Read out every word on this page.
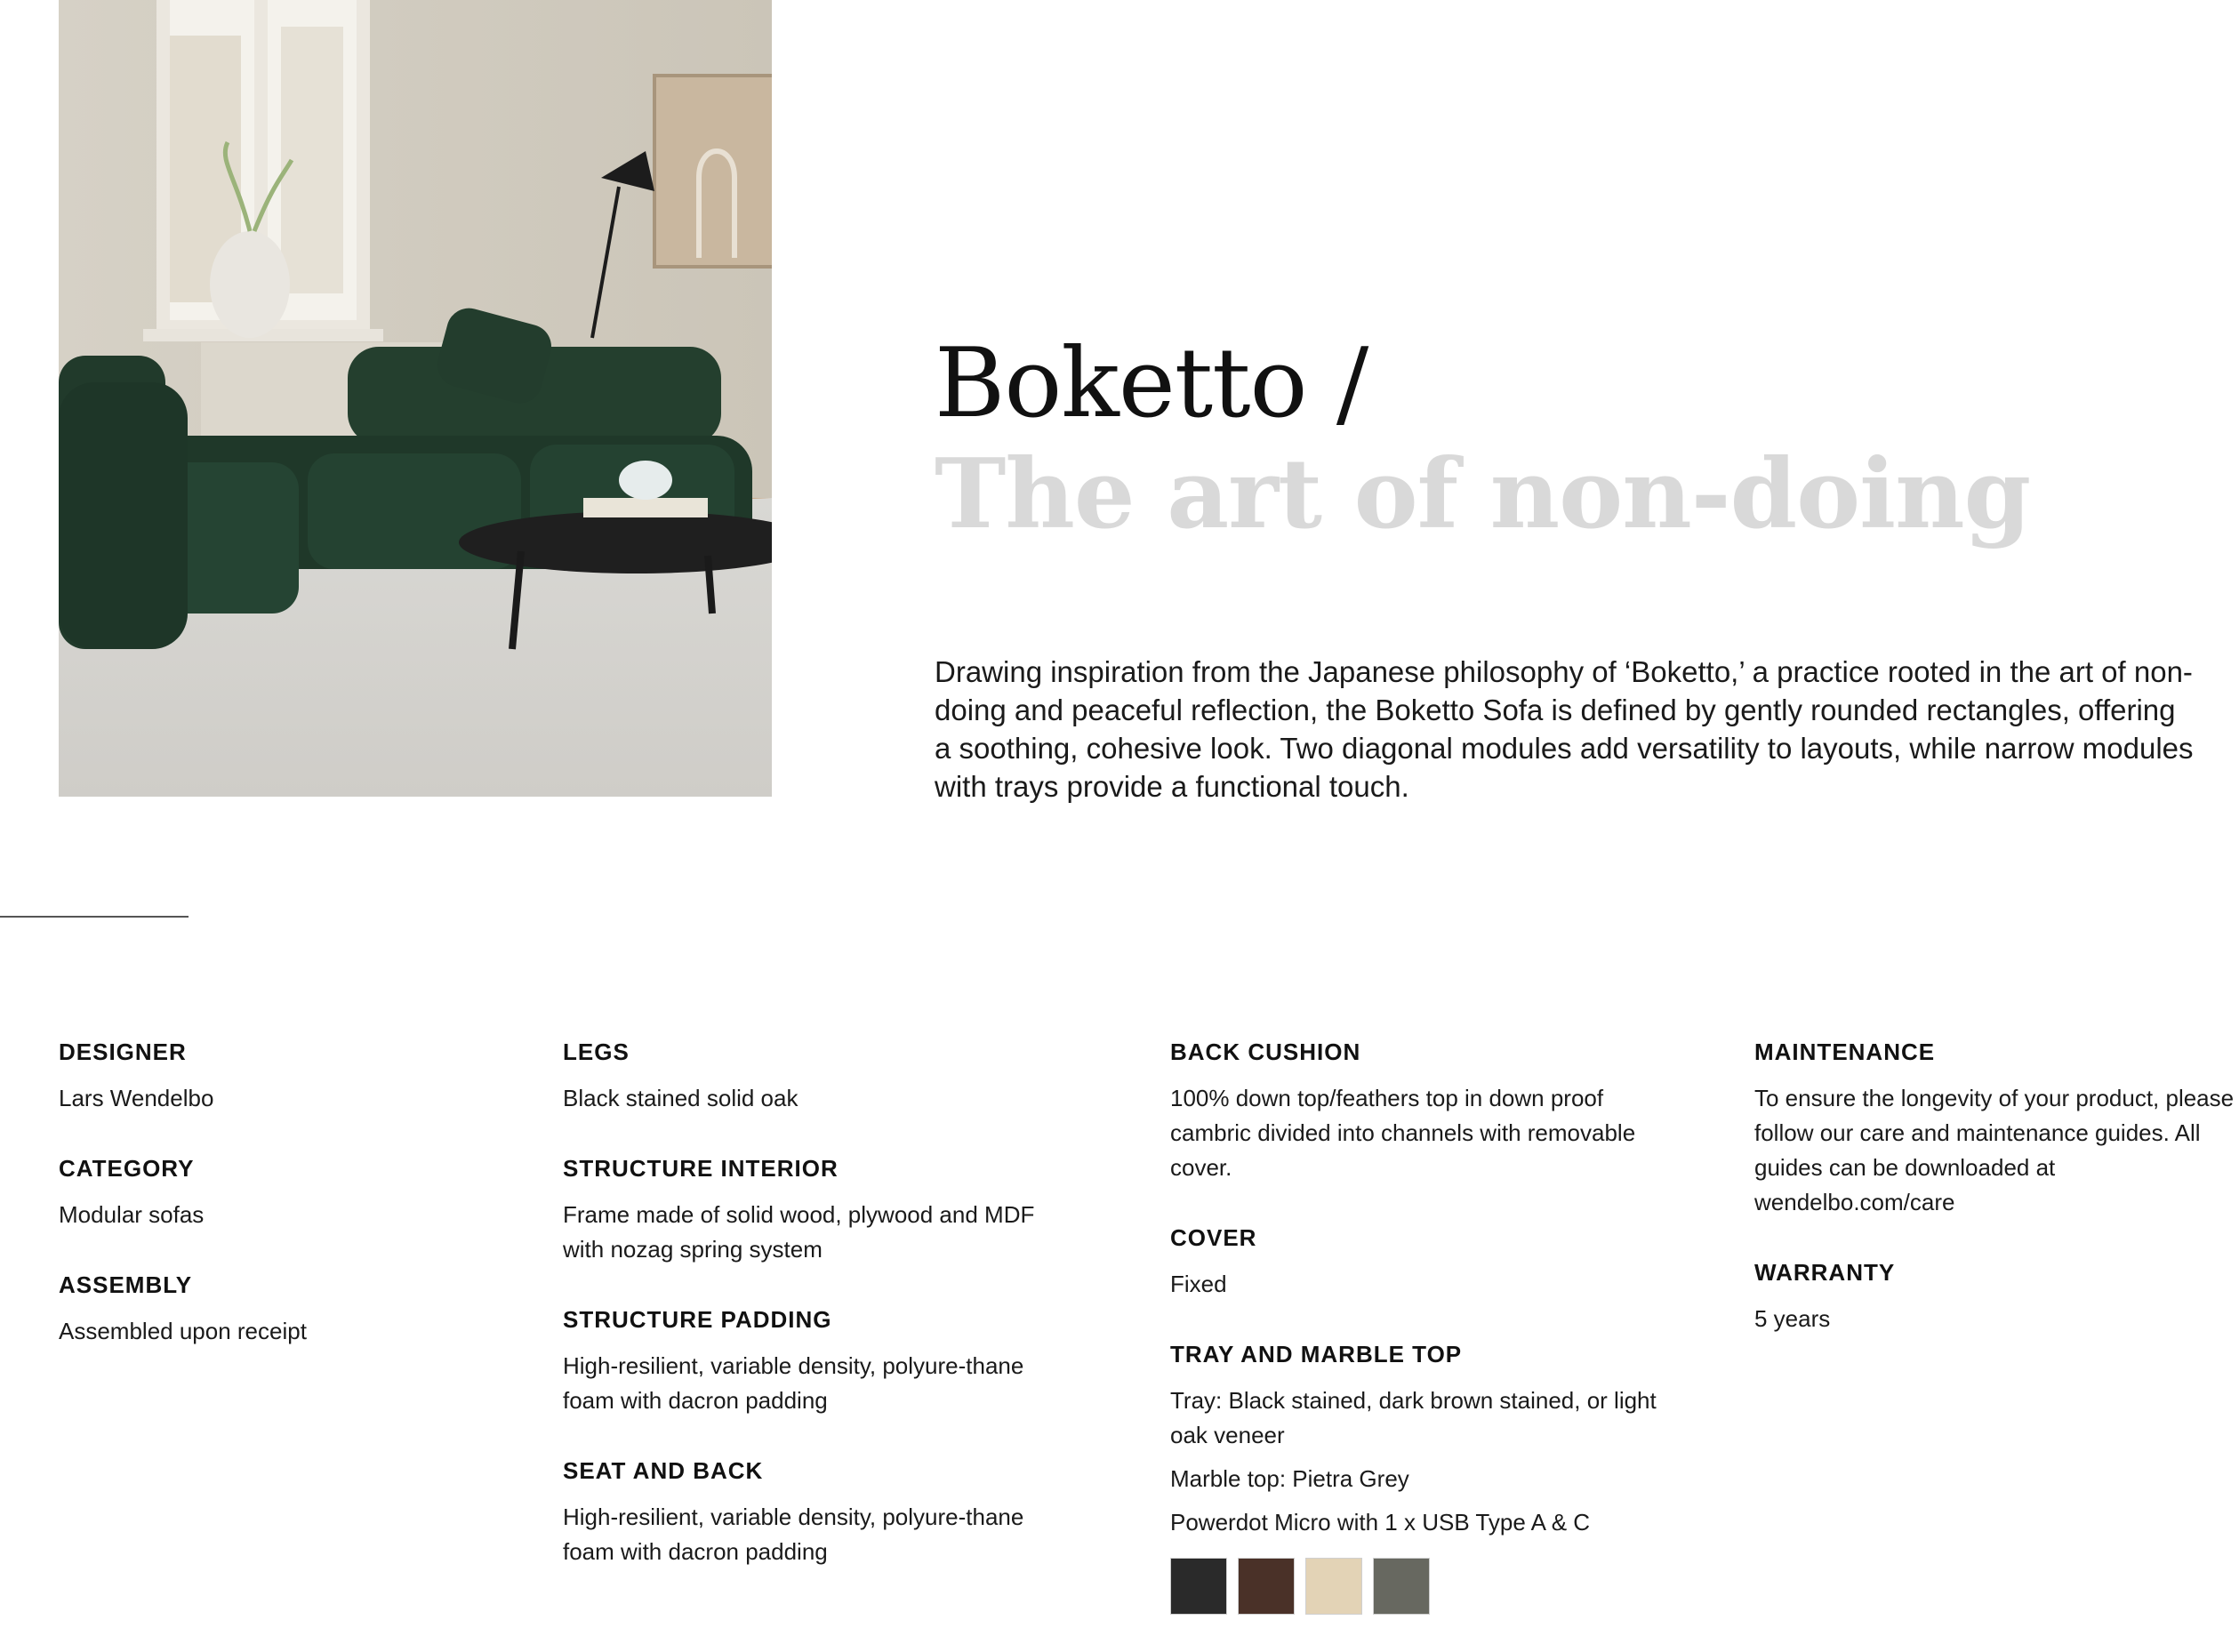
Boketto /
The art of non-doing
Drawing inspiration from the Japanese philosophy of ‘Boketto,’ a practice rooted in the art of non-doing and peaceful reflection, the Boketto Sofa is defined by gently rounded rectangles, offering a soothing, cohesive look. Two diagonal modules add versatility to layouts, while narrow modules with trays provide a functional touch.
DESIGNER
Lars Wendelbo
CATEGORY
Modular sofas
ASSEMBLY
Assembled upon receipt
LEGS
Black stained solid oak
STRUCTURE INTERIOR
Frame made of solid wood, plywood and MDF with nozag spring system
STRUCTURE PADDING
High-resilient, variable density, polyure-thane foam with dacron padding
SEAT AND BACK
High-resilient, variable density, polyure-thane foam with dacron padding
BACK CUSHION
100% down top/feathers top in down proof cambric divided into channels with removable cover.
COVER
Fixed
TRAY AND MARBLE TOP

Tray: Black stained, dark brown stained, or light oak veneer

Marble top: Pietra Grey

Powerdot Micro with 1 x USB Type A & C

MAINTENANCE
To ensure the longevity of your product, please follow our care and maintenance guides. All guides can be downloaded at wendelbo.com/care
WARRANTY
5 years
